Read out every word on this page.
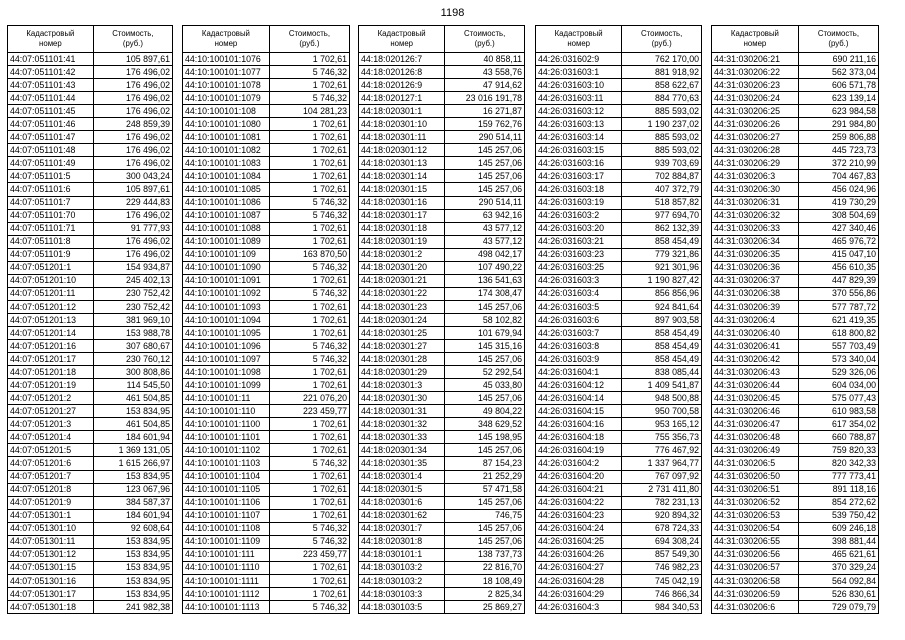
1198
Кадастровый
номер	Стоимость,
(руб.)

44:07:051101:41	105 897,61
44:07:051101:42	176 496,02
44:07:051101:43	176 496,02
44:07:051101:44	176 496,02
44:07:051101:45	176 496,02
44:07:051101:46	248 859,39
44:07:051101:47	176 496,02
44:07:051101:48	176 496,02
44:07:051101:49	176 496,02
44:07:051101:5	300 043,24
44:07:051101:6	105 897,61
44:07:051101:7	229 444,83
44:07:051101:70	176 496,02
44:07:051101:71	91 777,93
44:07:051101:8	176 496,02
44:07:051101:9	176 496,02
44:07:051201:1	154 934,87
44:07:051201:10	245 402,13
44:07:051201:11	230 752,42
44:07:051201:12	230 752,42
44:07:051201:13	381 969,10
44:07:051201:14	153 988,78
44:07:051201:16	307 680,67
44:07:051201:17	230 760,12
44:07:051201:18	300 808,86
44:07:051201:19	114 545,50
44:07:051201:2	461 504,85
44:07:051201:27	153 834,95
44:07:051201:3	461 504,85
44:07:051201:4	184 601,94
44:07:051201:5	1 369 131,05
44:07:051201:6	1 615 266,97
44:07:051201:7	153 834,95
44:07:051201:8	123 067,96
44:07:051201:9	384 587,37
44:07:051301:1	184 601,94
44:07:051301:10	92 608,64
44:07:051301:11	153 834,95
44:07:051301:12	153 834,95
44:07:051301:15	153 834,95
44:07:051301:16	153 834,95
44:07:051301:17	153 834,95
44:07:051301:18	241 982,38
Кадастровый
номер	Стоимость,
(руб.)

44:10:100101:1076	1 702,61
44:10:100101:1077	5 746,32
44:10:100101:1078	1 702,61
44:10:100101:1079	5 746,32
44:10:100101:108	104 281,23
44:10:100101:1080	1 702,61
44:10:100101:1081	1 702,61
44:10:100101:1082	1 702,61
44:10:100101:1083	1 702,61
44:10:100101:1084	1 702,61
44:10:100101:1085	1 702,61
44:10:100101:1086	5 746,32
44:10:100101:1087	5 746,32
44:10:100101:1088	1 702,61
44:10:100101:1089	1 702,61
44:10:100101:109	163 870,50
44:10:100101:1090	5 746,32
44:10:100101:1091	1 702,61
44:10:100101:1092	5 746,32
44:10:100101:1093	1 702,61
44:10:100101:1094	1 702,61
44:10:100101:1095	1 702,61
44:10:100101:1096	5 746,32
44:10:100101:1097	5 746,32
44:10:100101:1098	1 702,61
44:10:100101:1099	1 702,61
44:10:100101:11	221 076,20
44:10:100101:110	223 459,77
44:10:100101:1100	1 702,61
44:10:100101:1101	1 702,61
44:10:100101:1102	1 702,61
44:10:100101:1103	5 746,32
44:10:100101:1104	1 702,61
44:10:100101:1105	1 702,61
44:10:100101:1106	1 702,61
44:10:100101:1107	1 702,61
44:10:100101:1108	5 746,32
44:10:100101:1109	5 746,32
44:10:100101:111	223 459,77
44:10:100101:1110	1 702,61
44:10:100101:1111	1 702,61
44:10:100101:1112	1 702,61
44:10:100101:1113	5 746,32
Кадастровый
номер	Стоимость,
(руб.)

44:18:020126:7	40 858,11
44:18:020126:8	43 558,76
44:18:020126:9	47 914,62
44:18:020127:1	23 016 191,78
44:18:020301:1	16 271,87
44:18:020301:10	159 762,76
44:18:020301:11	290 514,11
44:18:020301:12	145 257,06
44:18:020301:13	145 257,06
44:18:020301:14	145 257,06
44:18:020301:15	145 257,06
44:18:020301:16	290 514,11
44:18:020301:17	63 942,16
44:18:020301:18	43 577,12
44:18:020301:19	43 577,12
44:18:020301:2	498 042,17
44:18:020301:20	107 490,22
44:18:020301:21	136 541,63
44:18:020301:22	174 308,47
44:18:020301:23	145 257,06
44:18:020301:24	58 102,82
44:18:020301:25	101 679,94
44:18:020301:27	145 315,16
44:18:020301:28	145 257,06
44:18:020301:29	52 292,54
44:18:020301:3	45 033,80
44:18:020301:30	145 257,06
44:18:020301:31	49 804,22
44:18:020301:32	348 629,52
44:18:020301:33	145 198,95
44:18:020301:34	145 257,06
44:18:020301:35	87 154,23
44:18:020301:4	21 252,29
44:18:020301:5	57 471,58
44:18:020301:6	145 257,06
44:18:020301:62	746,75
44:18:020301:7	145 257,06
44:18:020301:8	145 257,06
44:18:030101:1	138 737,73
44:18:030103:2	22 816,70
44:18:030103:2	18 108,49
44:18:030103:3	2 825,34
44:18:030103:5	25 869,27
Кадастровый
номер	Стоимость,
(руб.)

44:26:031602:9	762 170,00
44:26:031603:1	881 918,92
44:26:031603:10	858 622,67
44:26:031603:11	884 770,63
44:26:031603:12	885 593,02
44:26:031603:13	1 190 237,02
44:26:031603:14	885 593,02
44:26:031603:15	885 593,02
44:26:031603:16	939 703,69
44:26:031603:17	702 884,87
44:26:031603:18	407 372,79
44:26:031603:19	518 857,82
44:26:031603:2	977 694,70
44:26:031603:20	862 132,39
44:26:031603:21	858 454,49
44:26:031603:23	779 321,86
44:26:031603:25	921 301,96
44:26:031603:3	1 190 827,42
44:26:031603:4	856 856,96
44:26:031603:5	924 841,64
44:26:031603:6	897 903,58
44:26:031603:7	858 454,49
44:26:031603:8	858 454,49
44:26:031603:9	858 454,49
44:26:031604:1	838 085,44
44:26:031604:12	1 409 541,87
44:26:031604:14	948 500,88
44:26:031604:15	950 700,58
44:26:031604:16	953 165,12
44:26:031604:18	755 356,73
44:26:031604:19	776 467,92
44:26:031604:2	1 337 964,77
44:26:031604:20	767 097,92
44:26:031604:21	2 731 411,80
44:26:031604:22	782 231,13
44:26:031604:23	920 894,32
44:26:031604:24	678 724,33
44:26:031604:25	694 308,24
44:26:031604:26	857 549,30
44:26:031604:27	746 982,23
44:26:031604:28	745 042,19
44:26:031604:29	746 866,34
44:26:031604:3	984 340,53
Кадастровый
номер	Стоимость,
(руб.)

44:31:030206:21	690 211,16
44:31:030206:22	562 373,04
44:31:030206:23	606 571,78
44:31:030206:24	623 139,14
44:31:030206:25	623 984,58
44:31:030206:26	291 984,80
44:31:030206:27	259 806,88
44:31:030206:28	445 723,73
44:31:030206:29	372 210,99
44:31:030206:3	704 467,83
44:31:030206:30	456 024,96
44:31:030206:31	419 730,29
44:31:030206:32	308 504,69
44:31:030206:33	427 340,46
44:31:030206:34	465 976,72
44:31:030206:35	415 047,10
44:31:030206:36	456 610,35
44:31:030206:37	447 829,39
44:31:030206:38	370 556,86
44:31:030206:39	577 787,72
44:31:030206:4	621 419,35
44:31:030206:40	618 800,82
44:31:030206:41	557 703,49
44:31:030206:42	573 340,04
44:31:030206:43	529 326,06
44:31:030206:44	604 034,00
44:31:030206:45	575 077,43
44:31:030206:46	610 983,58
44:31:030206:47	617 354,02
44:31:030206:48	660 788,87
44:31:030206:49	759 820,33
44:31:030206:5	820 342,33
44:31:030206:50	777 773,41
44:31:030206:51	891 118,16
44:31:030206:52	854 272,62
44:31:030206:53	539 750,42
44:31:030206:54	609 246,18
44:31:030206:55	398 881,44
44:31:030206:56	465 621,61
44:31:030206:57	370 329,24
44:31:030206:58	564 092,84
44:31:030206:59	526 830,61
44:31:030206:6	729 079,79
